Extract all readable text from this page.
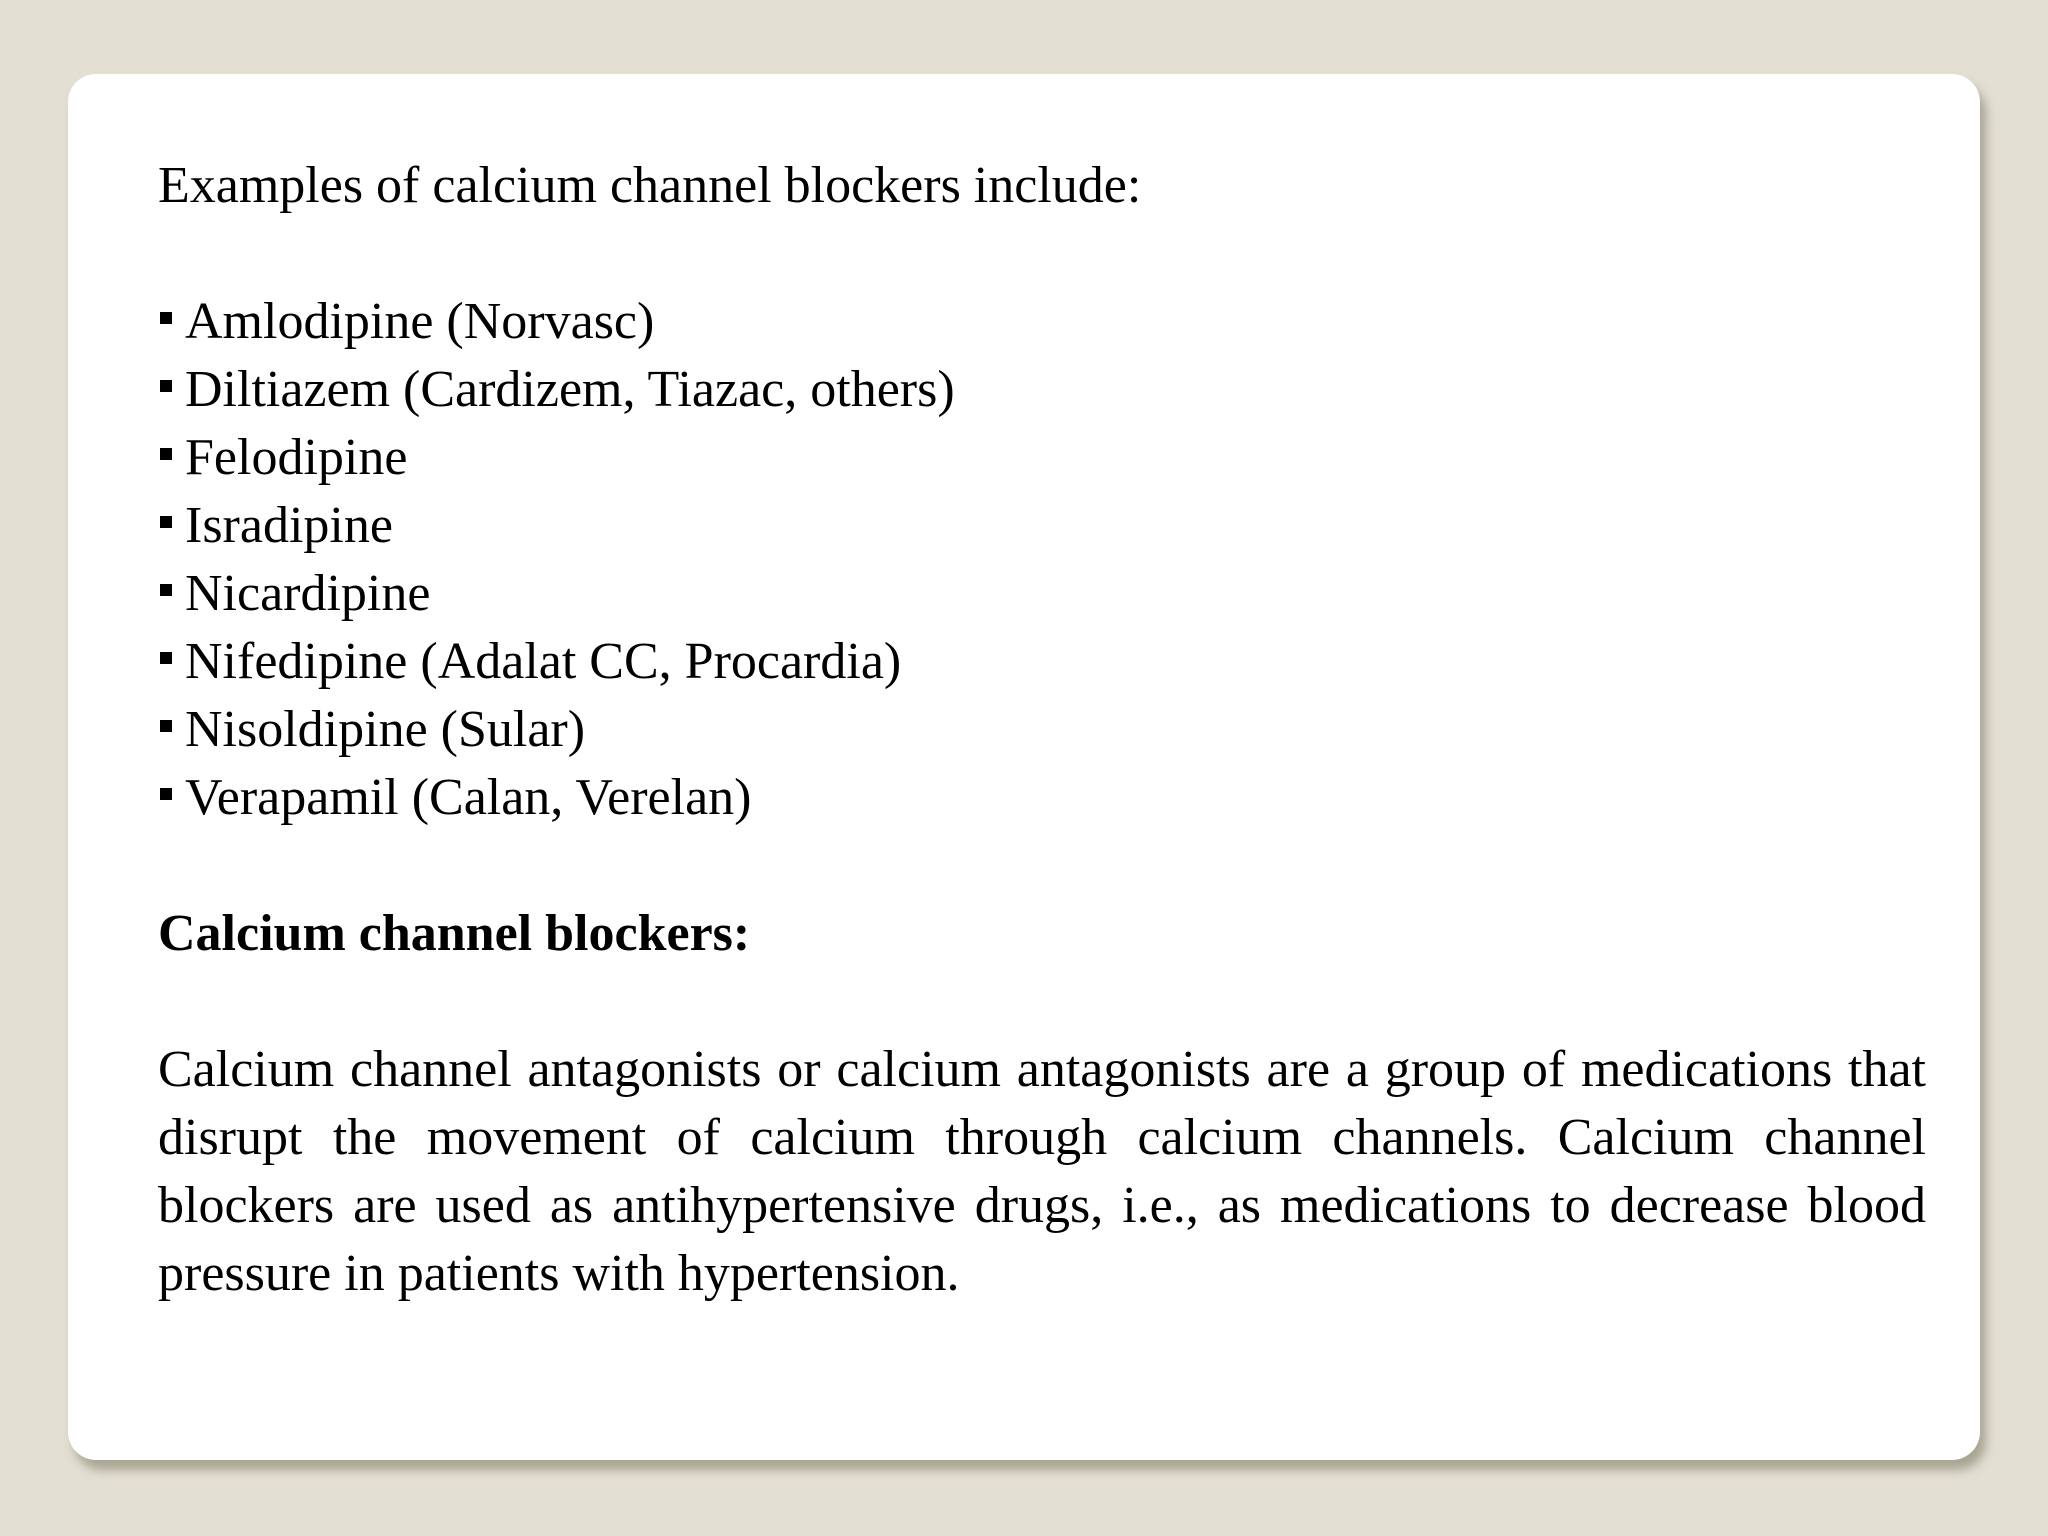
Examples of calcium channel blockers include:

Amlodipine (Norvasc)
Diltiazem (Cardizem, Tiazac, others)
Felodipine
Isradipine
Nicardipine
Nifedipine (Adalat CC, Procardia)
Nisoldipine (Sular)
Verapamil (Calan, Verelan)

Calcium channel blockers:

Calcium channel antagonists or calcium antagonists are a group of medications that disrupt the movement of calcium through calcium channels. Calcium channel blockers are used as antihypertensive drugs, i.e., as medications to decrease blood pressure in patients with hypertension.
